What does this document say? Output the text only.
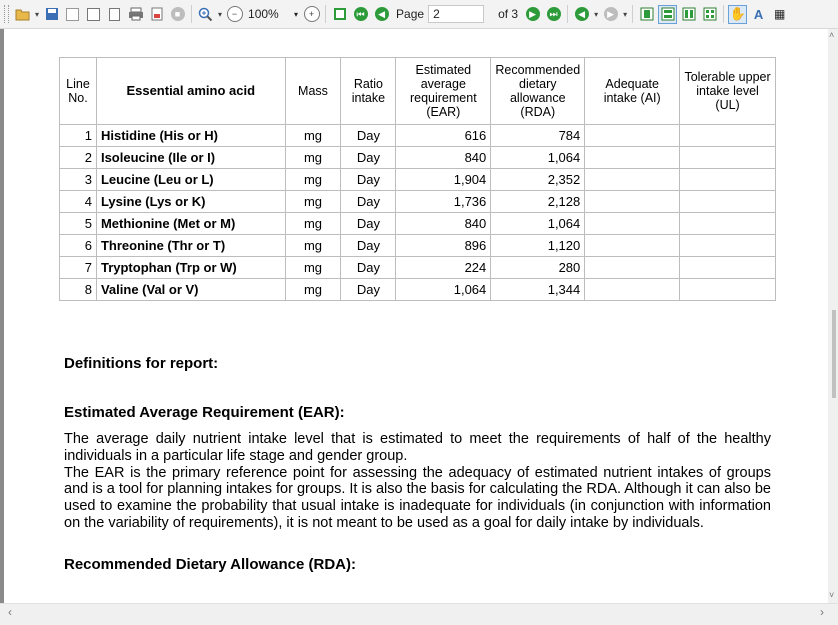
▾	■	▾	− 100% ▾	+	⏮	◀ Page 2	of 3	▶	⏭	◀	▾	▶	▾	✋ A ▦
Line No.	Essential amino acid	Mass	Ratio intake	Estimated average requirement (EAR)	Recommended dietary allowance (RDA)	Adequate intake (AI)	Tolerable upper intake level (UL)
1	Histidine (His or H)	mg	Day	616	784		
2	Isoleucine (Ile or I)	mg	Day	840	1,064		
3	Leucine (Leu or L)	mg	Day	1,904	2,352		
4	Lysine (Lys or K)	mg	Day	1,736	2,128		
5	Methionine (Met or M)	mg	Day	840	1,064		
6	Threonine (Thr or T)	mg	Day	896	1,120		
7	Tryptophan (Trp or W)	mg	Day	224	280		
8	Valine (Val or V)	mg	Day	1,064	1,344		
Definitions for report:
Estimated Average Requirement (EAR):
The average daily nutrient intake level that is estimated to meet the requirements of half of the healthy individuals in a particular life stage and gender group.
The EAR is the primary reference point for assessing the adequacy of estimated nutrient intakes of groups and is a tool for planning intakes for groups. It is also the basis for calculating the RDA. Although it can also be used to examine the probability that usual intake is inadequate for individuals (in conjunction with information on the variability of requirements), it is not meant to be used as a goal for daily intake by individuals.
Recommended Dietary Allowance (RDA):
˄
˅
‹	›
